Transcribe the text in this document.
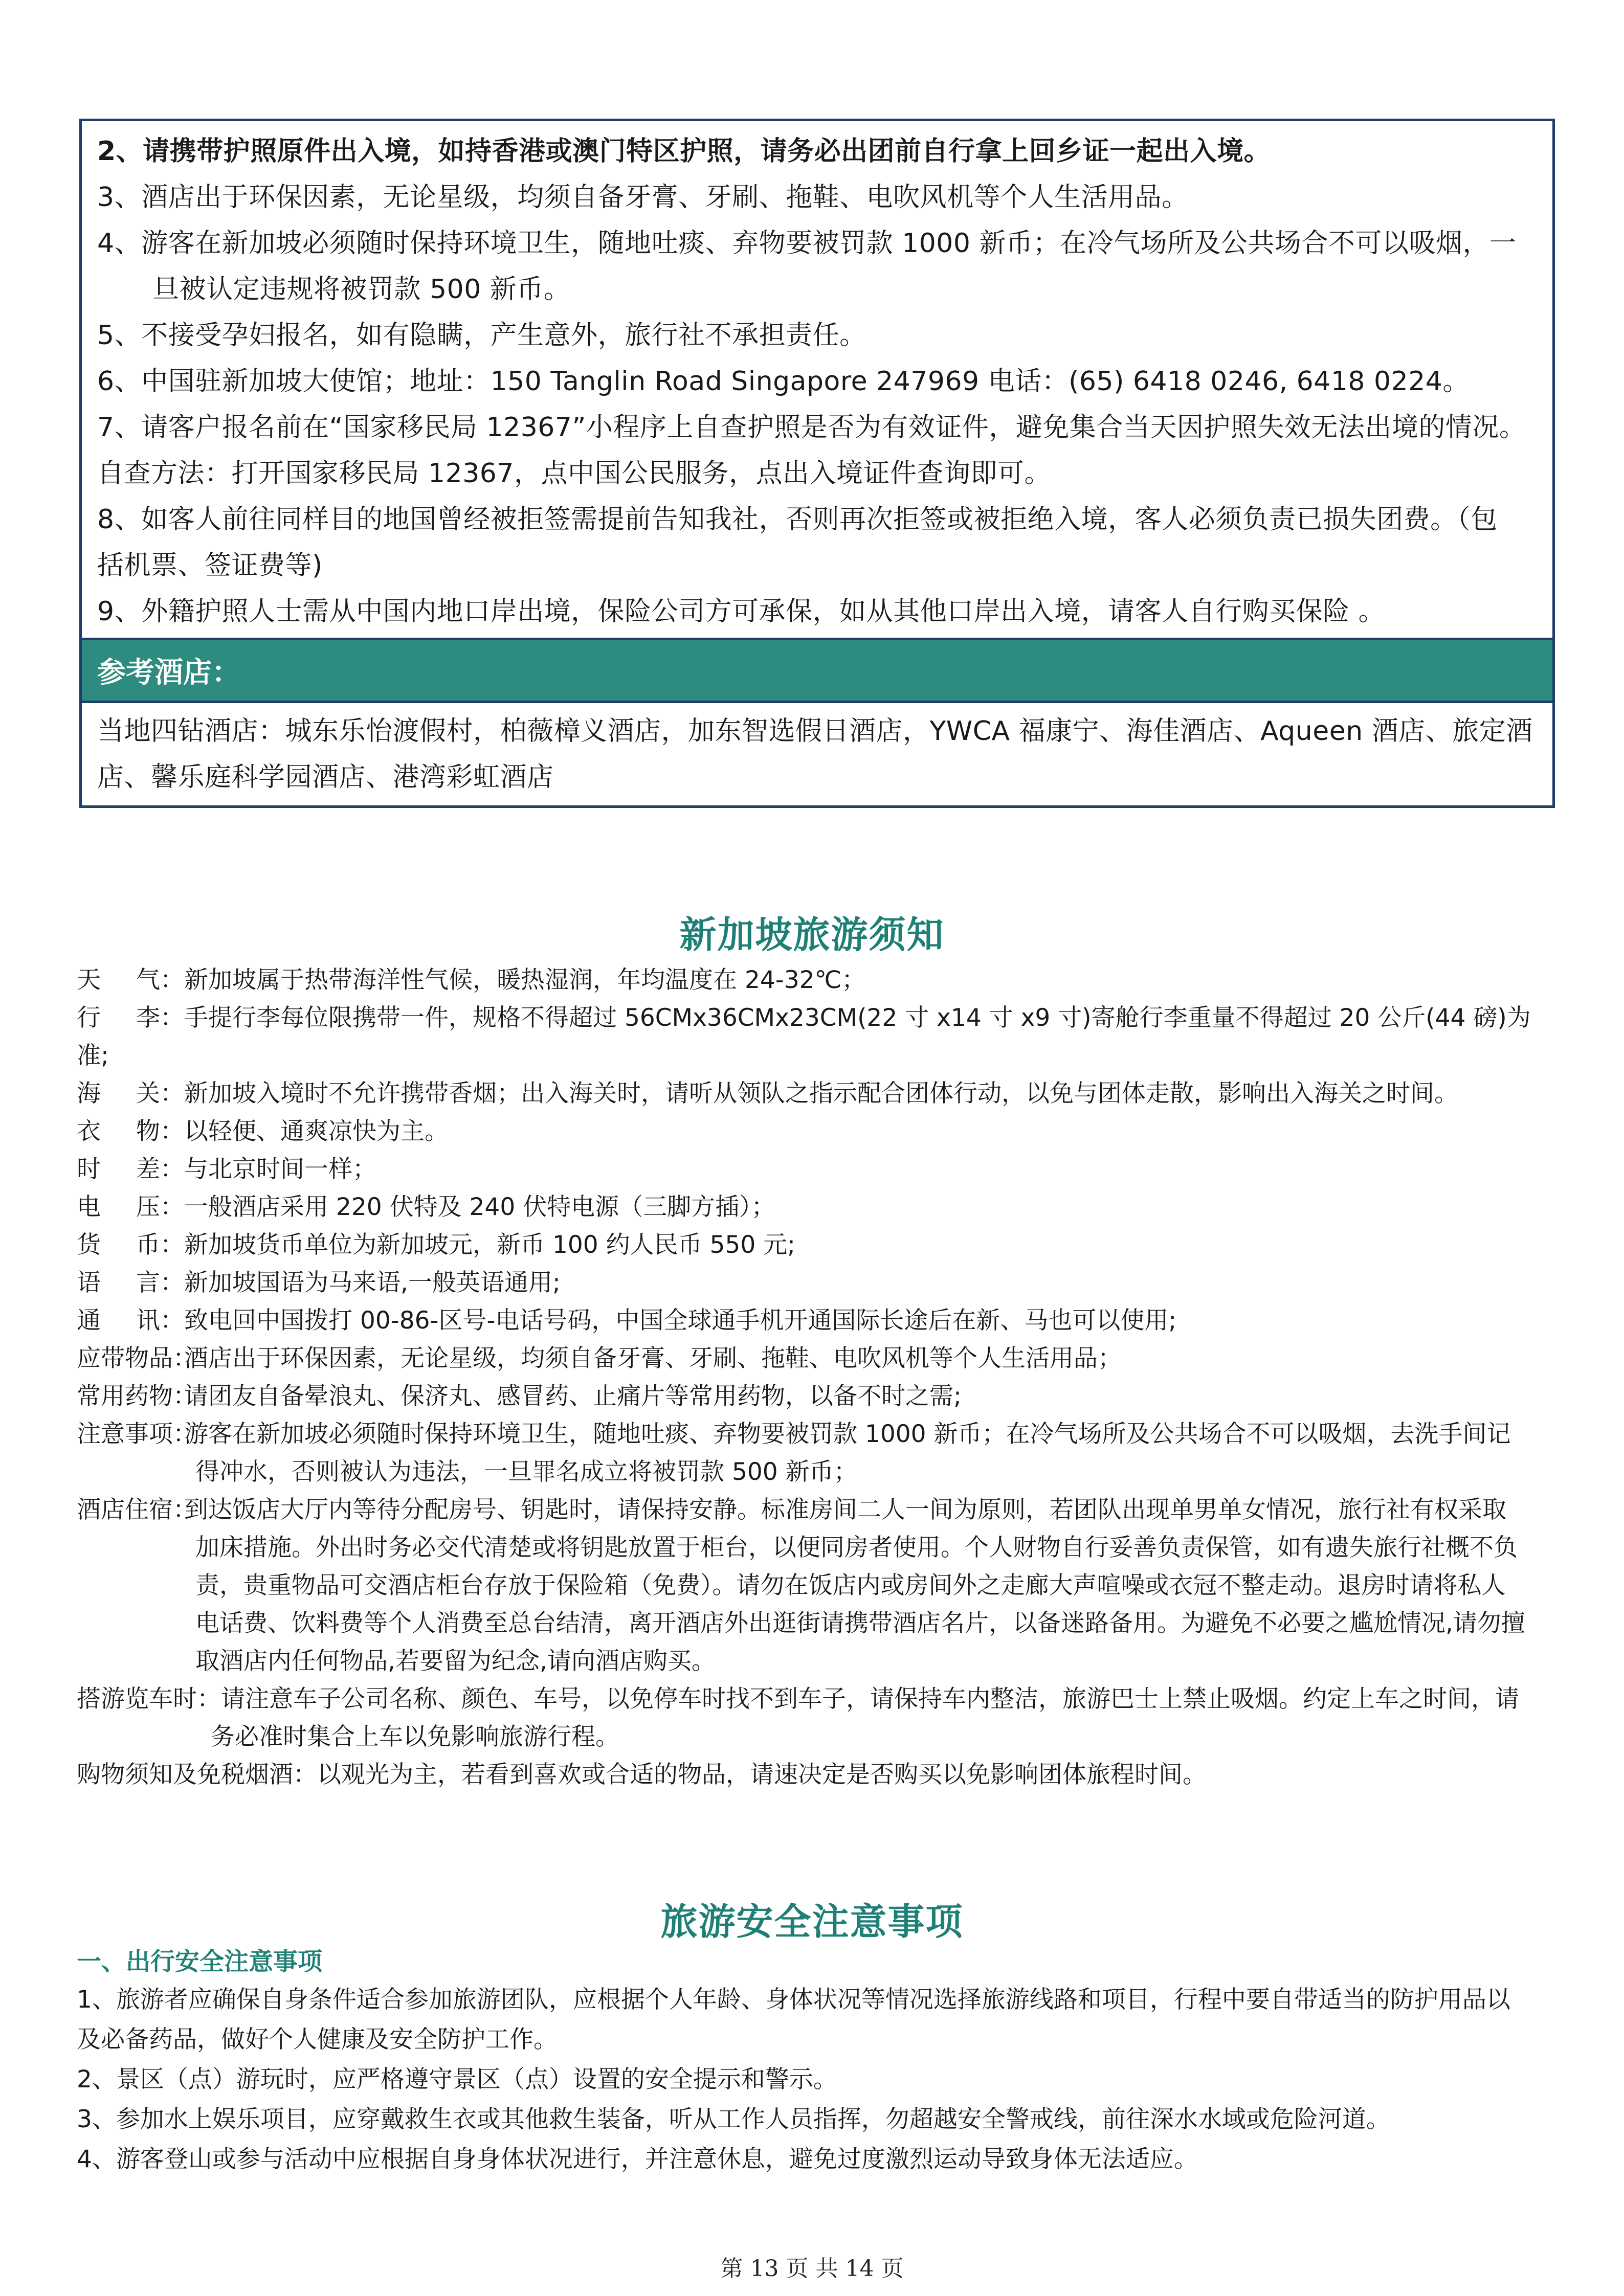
2、请携带护照原件出入境，如持香港或澳门特区护照，请务必出团前自行拿上回乡证一起出入境。
3、酒店出于环保因素，无论星级，均须自备牙膏、牙刷、拖鞋、电吹风机等个人生活用品。
4、游客在新加坡必须随时保持环境卫生，随地吐痰、弃物要被罚款 1000 新币；在冷气场所及公共场合不可以吸烟，一
旦被认定违规将被罚款 500 新币。
5、不接受孕妇报名，如有隐瞒，产生意外，旅行社不承担责任。
6、中国驻新加坡大使馆；地址：150 Tanglin Road Singapore 247969 电话：(65) 6418 0246, 6418 0224。
7、请客户报名前在“国家移民局 12367”小程序上自查护照是否为有效证件，避免集合当天因护照失效无法出境的情况。
自查方法：打开国家移民局 12367，点中国公民服务，点出入境证件查询即可。
8、如客人前往同样目的地国曾经被拒签需提前告知我社，否则再次拒签或被拒绝入境，客人必须负责已损失团费。（包
括机票、签证费等)
9、外籍护照人士需从中国内地口岸出境，保险公司方可承保，如从其他口岸出入境，请客人自行购买保险 。
参考酒店：
当地四钻酒店：城东乐怡渡假村，柏薇樟义酒店，加东智选假日酒店，YWCA 福康宁、海佳酒店、Aqueen 酒店、旅定酒
店、馨乐庭科学园酒店、港湾彩虹酒店
新加坡旅游须知
天 气： 新加坡属于热带海洋性气候，暖热湿润，年均温度在 24-32℃；
行 李： 手提行李每位限携带一件，规格不得超过 56CMx36CMx23CM(22 寸 x14 寸 x9 寸)寄舱行李重量不得超过 20 公斤(44 磅)为
准;
海 关： 新加坡入境时不允许携带香烟；出入海关时，请听从领队之指示配合团体行动，以免与团体走散，影响出入海关之时间。
衣 物： 以轻便、通爽凉快为主。
时 差： 与北京时间一样；
电 压： 一般酒店采用 220 伏特及 240 伏特电源（三脚方插）；
货 币： 新加坡货币单位为新加坡元，新币 100 约人民币 550 元;
语 言： 新加坡国语为马来语,一般英语通用;
通 讯： 致电回中国拨打 00-86-区号-电话号码，中国全球通手机开通国际长途后在新、马也可以使用;
应带物品：
酒店出于环保因素，无论星级，均须自备牙膏、牙刷、拖鞋、电吹风机等个人生活用品；
常用药物：
请团友自备晕浪丸、保济丸、感冒药、止痛片等常用药物，以备不时之需;
注意事项：
游客在新加坡必须随时保持环境卫生，随地吐痰、弃物要被罚款 1000 新币；在冷气场所及公共场合不可以吸烟，去洗手间记
得冲水，否则被认为违法，一旦罪名成立将被罚款 500 新币；
酒店住宿：
到达饭店大厅内等待分配房号、钥匙时，请保持安静。标准房间二人一间为原则，若团队出现单男单女情况，旅行社有权采取
加床措施。外出时务必交代清楚或将钥匙放置于柜台，以便同房者使用。个人财物自行妥善负责保管，如有遗失旅行社概不负
责，贵重物品可交酒店柜台存放于保险箱（免费）。请勿在饭店内或房间外之走廊大声喧噪或衣冠不整走动。退房时请将私人
电话费、饮料费等个人消费至总台结清，离开酒店外出逛街请携带酒店名片，以备迷路备用。为避免不必要之尴尬情况,请勿擅
取酒店内任何物品,若要留为纪念,请向酒店购买。
搭游览车时： 请注意车子公司名称、颜色、车号，以免停车时找不到车子，请保持车内整洁，旅游巴士上禁止吸烟。约定上车之时间，请
务必准时集合上车以免影响旅游行程。
购物须知及免税烟酒： 以观光为主，若看到喜欢或合适的物品，请速决定是否购买以免影响团体旅程时间。
旅游安全注意事项
一、出行安全注意事项
1、旅游者应确保自身条件适合参加旅游团队，应根据个人年龄、身体状况等情况选择旅游线路和项目，行程中要自带适当的防护用品以
及必备药品，做好个人健康及安全防护工作。
2、景区（点）游玩时，应严格遵守景区（点）设置的安全提示和警示。
3、参加水上娱乐项目，应穿戴救生衣或其他救生装备，听从工作人员指挥，勿超越安全警戒线，前往深水水域或危险河道。
4、游客登山或参与活动中应根据自身身体状况进行，并注意休息，避免过度激烈运动导致身体无法适应。
第 13 页 共 14 页
